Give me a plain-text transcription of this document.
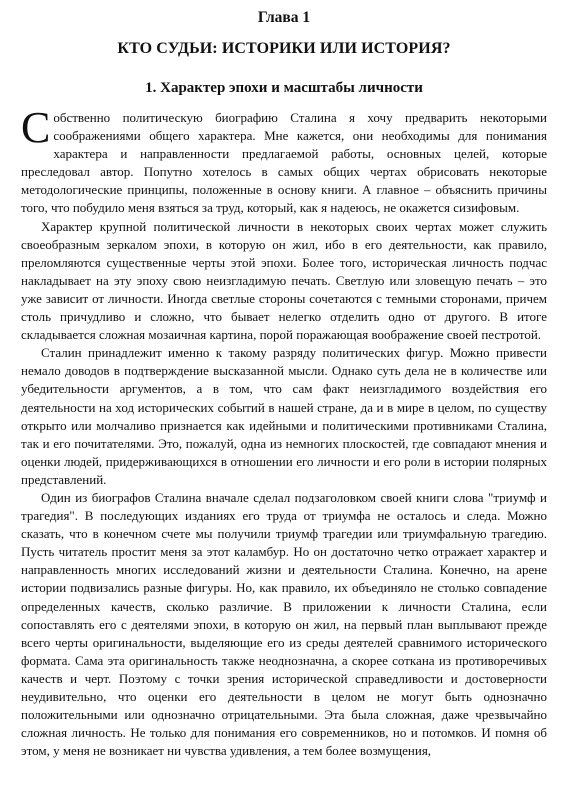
Глава 1
КТО СУДЬИ: ИСТОРИКИ ИЛИ ИСТОРИЯ?
1. Характер эпохи и масштабы личности

Собственно политическую биографию Сталина я хочу предварить некоторыми соображениями общего характера. Мне кажется, они необходимы для понимания характера и направленности предлагаемой работы, основных целей, которые преследовал автор. Попутно хотелось в самых общих чертах обрисовать некоторые методологические принципы, положенные в основу книги. А главное – объяснить причины того, что побудило меня взяться за труд, который, как я надеюсь, не окажется сизифовым.

Характер крупной политической личности в некоторых своих чертах может служить своеобразным зеркалом эпохи, в которую он жил, ибо в его деятельности, как правило, преломляются существенные черты этой эпохи. Более того, историческая личность подчас накладывает на эту эпоху свою неизгладимую печать. Светлую или зловещую печать – это уже зависит от личности. Иногда светлые стороны сочетаются с темными сторонами, причем столь причудливо и сложно, что бывает нелегко отделить одно от другого. В итоге складывается сложная мозаичная картина, порой поражающая воображение своей пестротой.

Сталин принадлежит именно к такому разряду политических фигур. Можно привести немало доводов в подтверждение высказанной мысли. Однако суть дела не в количестве или убедительности аргументов, а в том, что сам факт неизгладимого воздействия его деятельности на ход исторических событий в нашей стране, да и в мире в целом, по существу открыто или молчаливо признается как идейными и политическими противниками Сталина, так и его почитателями. Это, пожалуй, одна из немногих плоскостей, где совпадают мнения и оценки людей, придерживающихся в отношении его личности и его роли в истории полярных представлений.

Один из биографов Сталина вначале сделал подзаголовком своей книги слова "триумф и трагедия". В последующих изданиях его труда от триумфа не осталось и следа. Можно сказать, что в конечном счете мы получили триумф трагедии или триумфальную трагедию. Пусть читатель простит меня за этот каламбур. Но он достаточно четко отражает характер и направленность многих исследований жизни и деятельности Сталина. Конечно, на арене истории подвизались разные фигуры. Но, как правило, их объединяло не столько совпадение определенных качеств, сколько различие. В приложении к личности Сталина, если сопоставлять его с деятелями эпохи, в которую он жил, на первый план выплывают прежде всего черты оригинальности, выделяющие его из среды деятелей сравнимого исторического формата. Сама эта оригинальность также неоднозначна, а скорее соткана из противоречивых качеств и черт. Поэтому с точки зрения исторической справедливости и достоверности неудивительно, что оценки его деятельности в целом не могут быть однозначно положительными или однозначно отрицательными. Эта была сложная, даже чрезвычайно сложная личность. Не только для понимания его современников, но и потомков. И помня об этом, у меня не возникает ни чувства удивления, а тем более возмущения,
